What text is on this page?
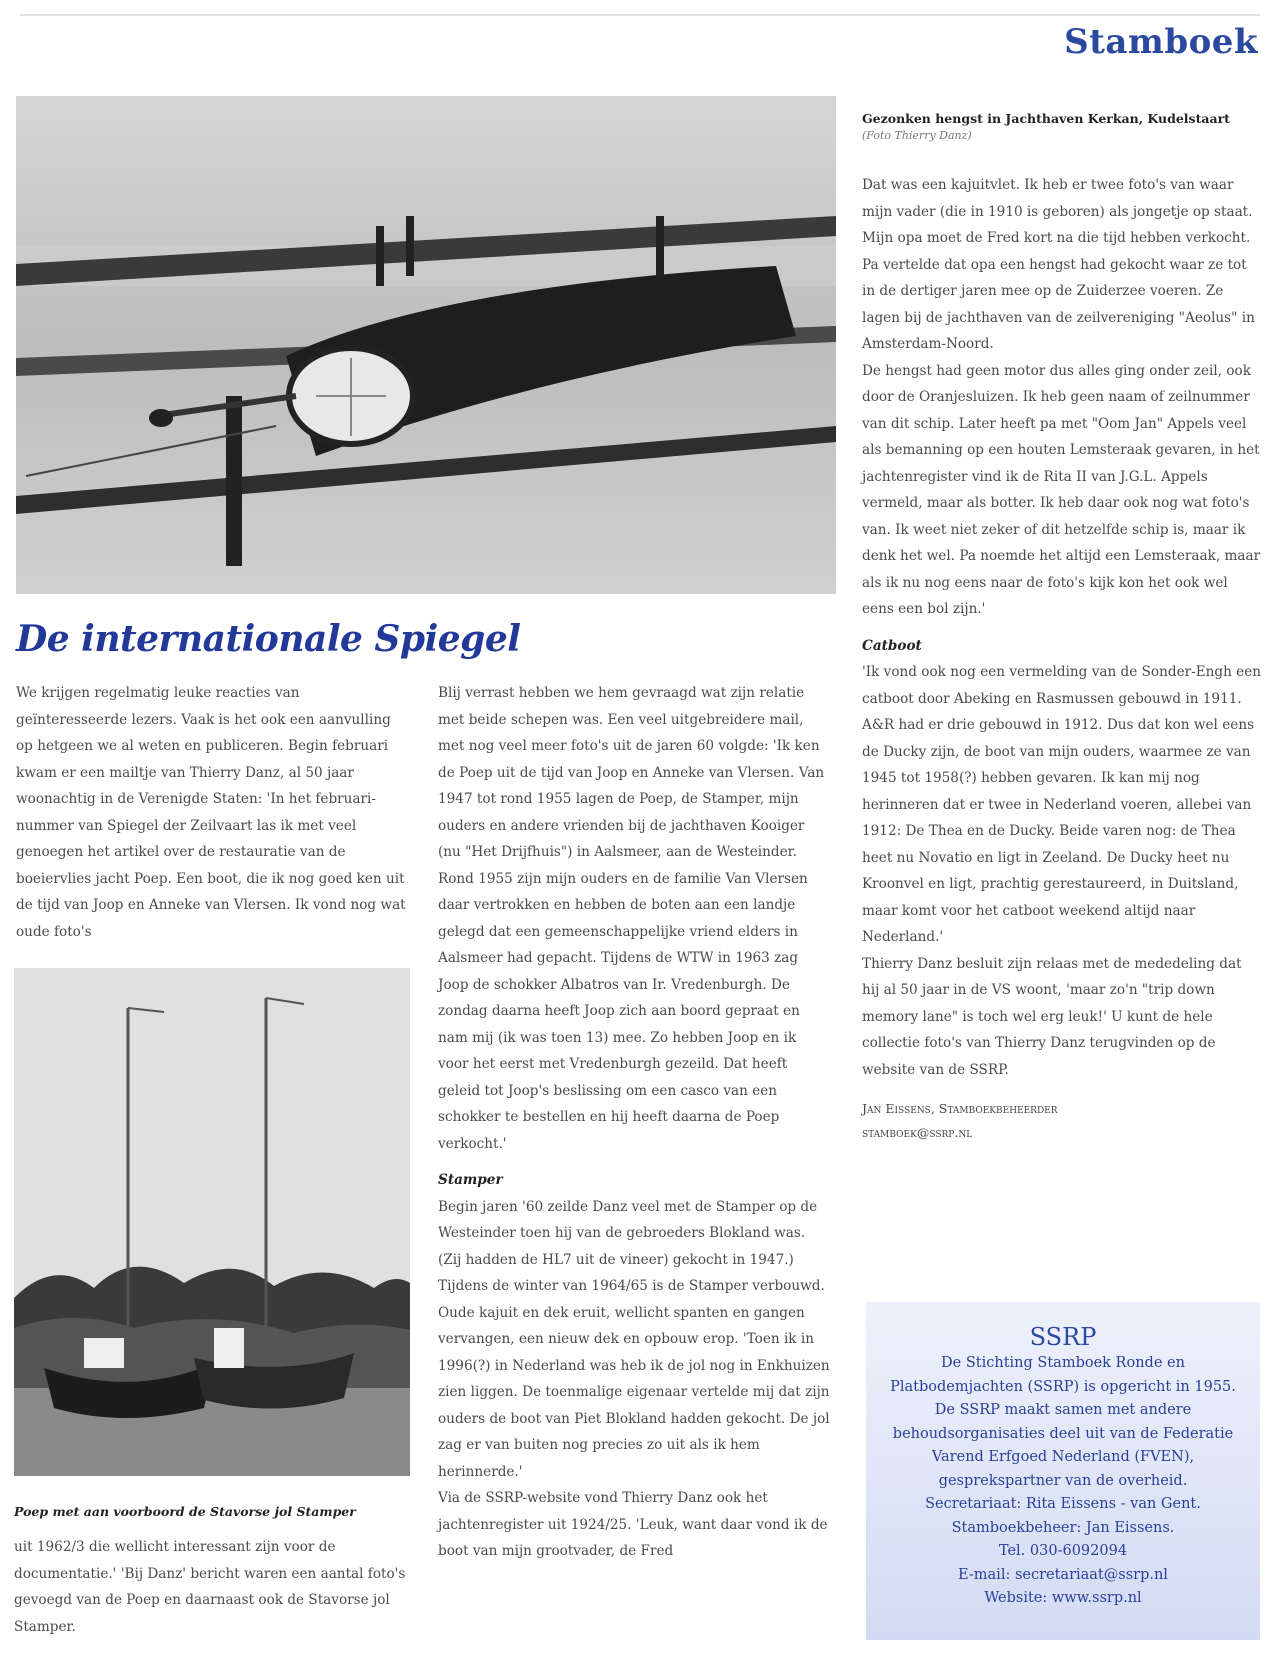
Stamboek
Gezonken hengst in Jachthaven Kerkan, Kudelstaart
(Foto Thierry Danz)
De internationale Spiegel

We krijgen regelmatig leuke reacties van geïnteresseerde lezers. Vaak is het ook een aanvulling op hetgeen we al weten en publiceren. Begin februari kwam er een mailtje van Thierry Danz, al 50 jaar woonachtig in de Verenigde Staten: 'In het februari-nummer van Spiegel der Zeilvaart las ik met veel genoegen het artikel over de restauratie van de boeiervlies jacht Poep. Een boot, die ik nog goed ken uit de tijd van Joop en Anneke van Vlersen. Ik vond nog wat oude foto's

Poep met aan voorboord de Stavorse jol Stamper

uit 1962/3 die wellicht interessant zijn voor de documentatie.' 'Bij Danz' bericht waren een aantal foto's gevoegd van de Poep en daarnaast ook de Stavorse jol Stamper.

Blij verrast hebben we hem gevraagd wat zijn relatie met beide schepen was. Een veel uitgebreidere mail, met nog veel meer foto's uit de jaren 60 volgde: 'Ik ken de Poep uit de tijd van Joop en Anneke van Vlersen. Van 1947 tot rond 1955 lagen de Poep, de Stamper, mijn ouders en andere vrienden bij de jachthaven Kooiger (nu "Het Drijfhuis") in Aalsmeer, aan de Westeinder. Rond 1955 zijn mijn ouders en de familie Van Vlersen daar vertrokken en hebben de boten aan een landje gelegd dat een gemeenschappelijke vriend elders in Aalsmeer had gepacht. Tijdens de WTW in 1963 zag Joop de schokker Albatros van Ir. Vredenburgh. De zondag daarna heeft Joop zich aan boord gepraat en nam mij (ik was toen 13) mee. Zo hebben Joop en ik voor het eerst met Vredenburgh gezeild. Dat heeft geleid tot Joop's beslissing om een casco van een schokker te bestellen en hij heeft daarna de Poep verkocht.'

Stamper

Begin jaren '60 zeilde Danz veel met de Stamper op de Westeinder toen hij van de gebroeders Blokland was. (Zij hadden de HL7 uit de vineer) gekocht in 1947.) Tijdens de winter van 1964/65 is de Stamper verbouwd. Oude kajuit en dek eruit, wellicht spanten en gangen vervangen, een nieuw dek en opbouw erop. 'Toen ik in 1996(?) in Nederland was heb ik de jol nog in Enkhuizen zien liggen. De toenmalige eigenaar vertelde mij dat zijn ouders de boot van Piet Blokland hadden gekocht. De jol zag er van buiten nog precies zo uit als ik hem herinnerde.'

Via de SSRP-website vond Thierry Danz ook het jachtenregister uit 1924/25. 'Leuk, want daar vond ik de boot van mijn grootvader, de Fred

Dat was een kajuitvlet. Ik heb er twee foto's van waar mijn vader (die in 1910 is geboren) als jongetje op staat. Mijn opa moet de Fred kort na die tijd hebben verkocht. Pa vertelde dat opa een hengst had gekocht waar ze tot in de dertiger jaren mee op de Zuiderzee voeren. Ze lagen bij de jachthaven van de zeilvereniging "Aeolus" in Amsterdam-Noord.

De hengst had geen motor dus alles ging onder zeil, ook door de Oranjesluizen. Ik heb geen naam of zeilnummer van dit schip. Later heeft pa met "Oom Jan" Appels veel als bemanning op een houten Lemsteraak gevaren, in het jachtenregister vind ik de Rita II van J.G.L. Appels vermeld, maar als botter. Ik heb daar ook nog wat foto's van. Ik weet niet zeker of dit hetzelfde schip is, maar ik denk het wel. Pa noemde het altijd een Lemsteraak, maar als ik nu nog eens naar de foto's kijk kon het ook wel eens een bol zijn.'

Catboot

'Ik vond ook nog een vermelding van de Sonder-Engh een catboot door Abeking en Rasmussen gebouwd in 1911. A&R had er drie gebouwd in 1912. Dus dat kon wel eens de Ducky zijn, de boot van mijn ouders, waarmee ze van 1945 tot 1958(?) hebben gevaren. Ik kan mij nog herinneren dat er twee in Nederland voeren, allebei van 1912: De Thea en de Ducky. Beide varen nog: de Thea heet nu Novatio en ligt in Zeeland. De Ducky heet nu Kroonvel en ligt, prachtig gerestaureerd, in Duitsland, maar komt voor het catboot weekend altijd naar Nederland.'

Thierry Danz besluit zijn relaas met de mededeling dat hij al 50 jaar in de VS woont, 'maar zo'n "trip down memory lane" is toch wel erg leuk!' U kunt de hele collectie foto's van Thierry Danz terugvinden op de website van de SSRP.

Jan Eissens, Stamboekbeheerder
stamboek@ssrp.nl

SSRP
De Stichting Stamboek Ronde en Platbodemjachten (SSRP) is opgericht in 1955. De SSRP maakt samen met andere behoudsorganisaties deel uit van de Federatie Varend Erfgoed Nederland (FVEN), gesprekspartner van de overheid.
Secretariaat: Rita Eissens - van Gent.
Stamboekbeheer: Jan Eissens.
Tel. 030-6092094
E-mail: secretariaat@ssrp.nl
Website: www.ssrp.nl
